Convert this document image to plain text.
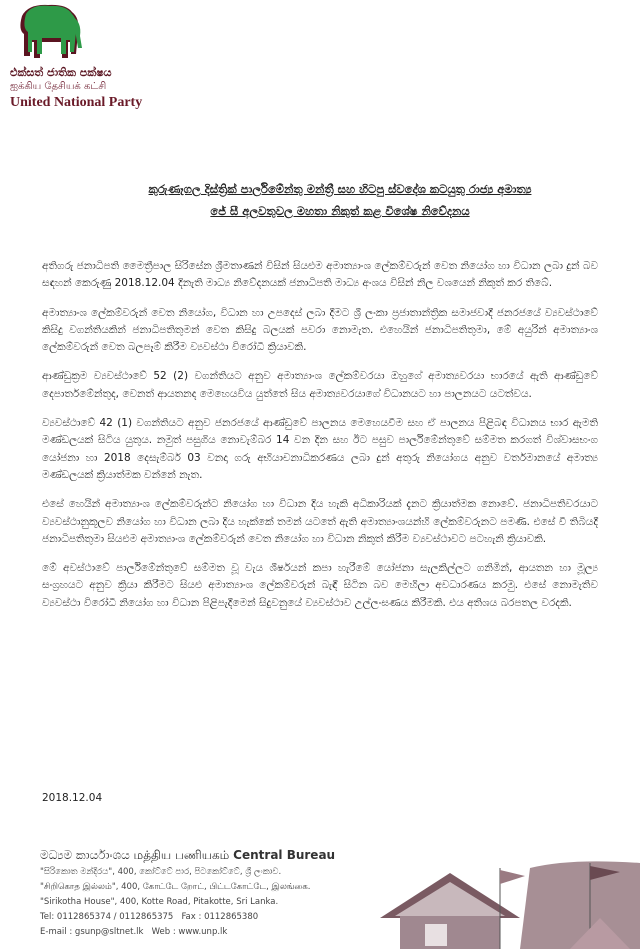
එක්සත් ජාතික පක්ෂය
ஐக்கிய தேசியக் கட்சி
United National Party
කුරුණෑගල දිස්ත්‍රික් පාර්ලිමේන්තු මන්ත්‍රී සහ හිටපු ස්වදේශ කටයුතු රාජ්‍ය අමාත්‍ය
ජේ සී අලවතුවල මහතා නිකුත් කළ විශේෂ නිවේදනය

අතිගරු ජනාධිපති මෛත්‍රීපාල සිරිසේන ශ්‍රීමතාණන් විසින් සියළුම අමාත්‍යාංශ ලේකම්වරුන් වෙත නියෝග හා විධාන ලබා දුන් බව සඳහන් කෙරුණු 2018.12.04 දිනැති මාධ්‍ය නිවේදනයක් ජනාධිපති මාධ්‍ය අංශය විසින් නිල වශයෙන් නිකුත් කර තිබේ.

අමාත්‍යාංශ ලේකම්වරුන් වෙත නියෝග, විධාන හා උපදෙස් ලබා දීමට ශ්‍රී ලංකා ප්‍රජාතාන්ත්‍රික සමාජවාදී ජනරජයේ ව්‍යවස්ථාවේ කිසිදු වගන්තියකින් ජනාධිපතිතුමන් වෙත කිසිදු බලයක් පවරා නොමැත. එහෙයින් ජනාධිපතිතුමා, මේ අයුරින් අමාත්‍යාංශ ලේකම්වරුන් වෙත බලපෑම් කිරීම ව්‍යවස්ථා විරෝධී ක්‍රියාවකි.

ආණ්ඩුක්‍රම ව්‍යවස්ථාවේ 52 (2) වගන්තියට අනුව අමාත්‍යාංශ ලේකම්වරයා ඔහුගේ අමාත්‍යවරයා භාරයේ ඇති ආණ්ඩුවේ දෙපාර්තමේන්තුද, වෙනත් ආයතනද මෙහෙයවිය යුත්තේ සිය අමාත්‍යවරයාගේ විධානයට හා පාලනයට යටත්වය.

ව්‍යවස්ථාවේ 42 (1) වගන්තියට අනුව ජනරජයේ ආණ්ඩුවේ පාලනය මෙහෙයවීම සහ ඒ පාලනය පිළිබඳ විධානය භාර ඇමති මණ්ඩලයක් සිටිය යුතුය. නමුත් පසුගිය නොවැම්බර 14 වන දින සහ ඊට පසුව පාර්ලිමේන්තුවේ සම්මත කරගත් විශ්වාසභංග යෝජනා හා 2018 දෙසැම්බර් 03 වනදා ගරු අභියාචනාධිකරණය ලබා දුන් අතුරු නියෝගය අනුව වර්තමානයේ අමාත්‍ය මණ්ඩලයක් ක්‍රියාත්මක වන්නේ නැත.

එසේ හෙයින් අමාත්‍යාංශ ලේකම්වරුන්ට නියෝග හා විධාන දිය හැකි අධිකාරියක් දැනට ක්‍රියාත්මක නොවේ. ජනාධිපතිවරයාට ව්‍යවස්ථානුකූලව නියෝග හා විධාන ලබා දිය හැක්කේ තමන් යටතේ ඇති අමාත්‍යාංශයන්හි ලේකම්වරුනට පමණි. එසේ වී තිබියදී ජනාධිපතිතුමා සියළුම අමාත්‍යාංශ ලේකම්වරුන් වෙත නියෝග හා විධාන නිකුත් කිරීම ව්‍යවස්ථාවට පටහැනි ක්‍රියාවකි.

මේ අවස්ථාවේ පාර්ලිමේන්තුවේ සම්මත වූ වැය ශීර්ෂයන් කපා හැරීමේ යෝජනා සැලකිල්ලට ගනිමින්, ආයතන හා මූල්‍ය සංග්‍රහයට අනුව ක්‍රියා කිරීමට සියළු අමාත්‍යාංශ ලේකම්වරුන් බැඳී සිටින බව මෙහිලා අවධාරණය කරමු. එසේ නොමැතිව ව්‍යවස්ථා විරෝධී නියෝග හා විධාන පිළිපැදීමෙන් සිදුවනුයේ ව්‍යවස්ථාව උල්ලංඝණය කිරීමකි. එය අතිශය බරපතල වරදකි.

2018.12.04
මධ්‍යම කාර්යාංශය மத்திய பணியகம் Central Bureau
"සිරිකොත මන්දිරය", 400, කෝට්ටේ පාර, පිටකෝට්ටේ, ශ්‍රී ලංකාව.
"சிறிகொத இல்லம்", 400, கோட்டே றோட், பிட்டகோட்டே, இலங்கை.
"Sirikotha House", 400, Kotte Road, Pitakotte, Sri Lanka.
Tel: 0112865374 / 0112865375 Fax : 0112865380
E-mail : gsunp@sltnet.lk Web : www.unp.lk
